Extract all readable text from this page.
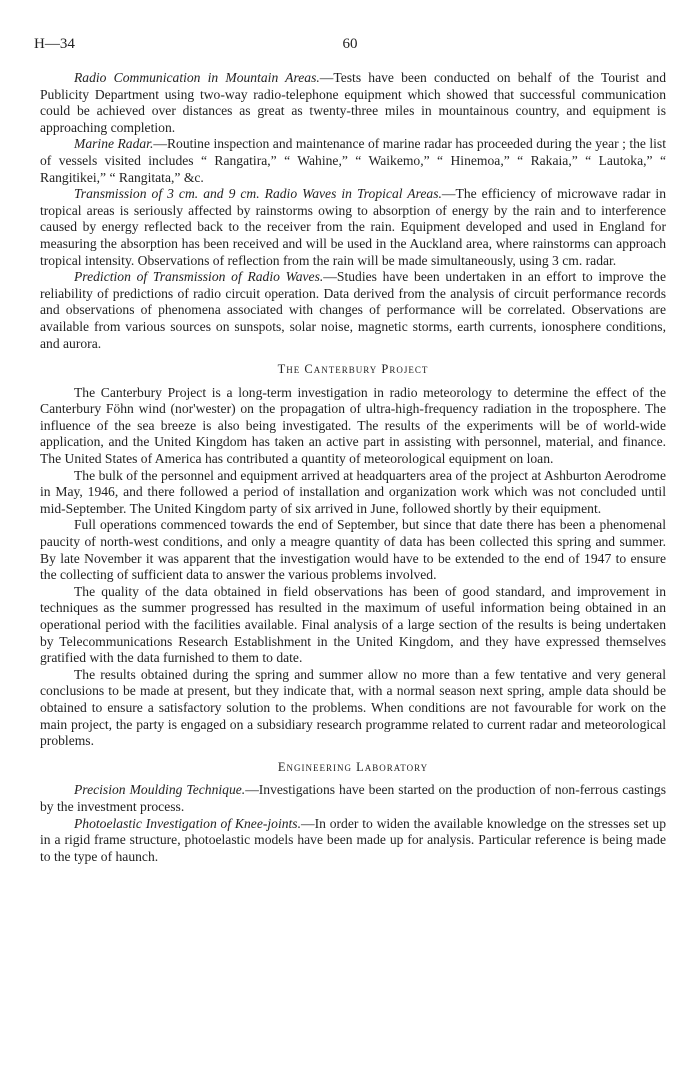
H—34	60

Radio Communication in Mountain Areas.—Tests have been conducted on behalf of the Tourist and Publicity Department using two-way radio-telephone equipment which showed that successful communication could be achieved over distances as great as twenty-three miles in mountainous country, and equipment is approaching completion.

Marine Radar.—Routine inspection and maintenance of marine radar has proceeded during the year ; the list of vessels visited includes “ Rangatira,” “ Wahine,” “ Waikemo,” “ Hinemoa,” “ Rakaia,” “ Lautoka,” “ Rangitikei,” “ Rangitata,” &c.

Transmission of 3 cm. and 9 cm. Radio Waves in Tropical Areas.—The efficiency of microwave radar in tropical areas is seriously affected by rainstorms owing to absorption of energy by the rain and to interference caused by energy reflected back to the receiver from the rain. Equipment developed and used in England for measuring the absorption has been received and will be used in the Auckland area, where rainstorms can approach tropical intensity. Observations of reflection from the rain will be made simultaneously, using 3 cm. radar.

Prediction of Transmission of Radio Waves.—Studies have been undertaken in an effort to improve the reliability of predictions of radio circuit operation. Data derived from the analysis of circuit performance records and observations of phenomena associated with changes of performance will be correlated. Observations are available from various sources on sunspots, solar noise, magnetic storms, earth currents, ionosphere conditions, and aurora.

The Canterbury Project

The Canterbury Project is a long-term investigation in radio meteorology to determine the effect of the Canterbury Föhn wind (nor'wester) on the propagation of ultra-high-frequency radiation in the troposphere. The influence of the sea breeze is also being investigated. The results of the experiments will be of world-wide application, and the United Kingdom has taken an active part in assisting with personnel, material, and finance. The United States of America has contributed a quantity of meteorological equipment on loan.

The bulk of the personnel and equipment arrived at headquarters area of the project at Ashburton Aerodrome in May, 1946, and there followed a period of installation and organization work which was not concluded until mid-September. The United Kingdom party of six arrived in June, followed shortly by their equipment.

Full operations commenced towards the end of September, but since that date there has been a phenomenal paucity of north-west conditions, and only a meagre quantity of data has been collected this spring and summer. By late November it was apparent that the investigation would have to be extended to the end of 1947 to ensure the collecting of sufficient data to answer the various problems involved.

The quality of the data obtained in field observations has been of good standard, and improvement in techniques as the summer progressed has resulted in the maximum of useful information being obtained in an operational period with the facilities available. Final analysis of a large section of the results is being undertaken by Telecommunications Research Establishment in the United Kingdom, and they have expressed themselves gratified with the data furnished to them to date.

The results obtained during the spring and summer allow no more than a few tentative and very general conclusions to be made at present, but they indicate that, with a normal season next spring, ample data should be obtained to ensure a satisfactory solution to the problems. When conditions are not favourable for work on the main project, the party is engaged on a subsidiary research programme related to current radar and meteorological problems.

Engineering Laboratory

Precision Moulding Technique.—Investigations have been started on the production of non-ferrous castings by the investment process.

Photoelastic Investigation of Knee-joints.—In order to widen the available knowledge on the stresses set up in a rigid frame structure, photoelastic models have been made up for analysis. Particular reference is being made to the type of haunch.
